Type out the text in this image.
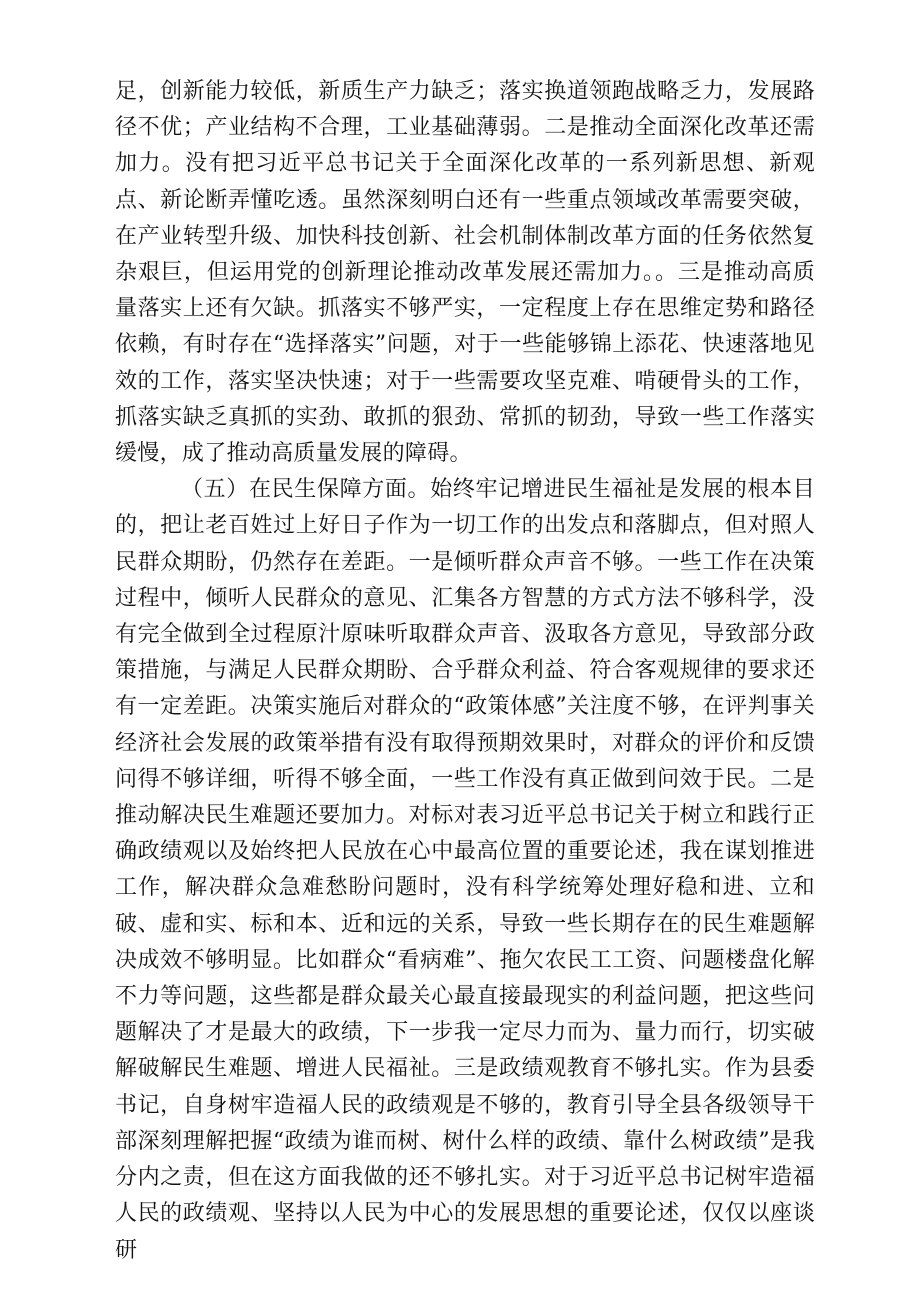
足，创新能力较低，新质生产力缺乏；落实换道领跑战略乏力，发展路径不优；产业结构不合理，工业基础薄弱。二是推动全面深化改革还需加力。没有把习近平总书记关于全面深化改革的一系列新思想、新观点、新论断弄懂吃透。虽然深刻明白还有一些重点领域改革需要突破，在产业转型升级、加快科技创新、社会机制体制改革方面的任务依然复杂艰巨，但运用党的创新理论推动改革发展还需加力。。三是推动高质量落实上还有欠缺。抓落实不够严实，一定程度上存在思维定势和路径依赖，有时存在“选择落实”问题，对于一些能够锦上添花、快速落地见效的工作，落实坚决快速；对于一些需要攻坚克难、啃硬骨头的工作，抓落实缺乏真抓的实劲、敢抓的狠劲、常抓的韧劲，导致一些工作落实缓慢，成了推动高质量发展的障碍。

（五）在民生保障方面。始终牢记增进民生福祉是发展的根本目的，把让老百姓过上好日子作为一切工作的出发点和落脚点，但对照人民群众期盼，仍然存在差距。一是倾听群众声音不够。一些工作在决策过程中，倾听人民群众的意见、汇集各方智慧的方式方法不够科学，没有完全做到全过程原汁原味听取群众声音、汲取各方意见，导致部分政策措施，与满足人民群众期盼、合乎群众利益、符合客观规律的要求还有一定差距。决策实施后对群众的“政策体感”关注度不够，在评判事关经济社会发展的政策举措有没有取得预期效果时，对群众的评价和反馈问得不够详细，听得不够全面，一些工作没有真正做到问效于民。二是推动解决民生难题还要加力。对标对表习近平总书记关于树立和践行正确政绩观以及始终把人民放在心中最高位置的重要论述，我在谋划推进工作，解决群众急难愁盼问题时，没有科学统筹处理好稳和进、立和破、虚和实、标和本、近和远的关系，导致一些长期存在的民生难题解决成效不够明显。比如群众“看病难”、拖欠农民工工资、问题楼盘化解不力等问题，这些都是群众最关心最直接最现实的利益问题，把这些问题解决了才是最大的政绩，下一步我一定尽力而为、量力而行，切实破解破解民生难题、增进人民福祉。三是政绩观教育不够扎实。作为县委书记，自身树牢造福人民的政绩观是不够的，教育引导全县各级领导干部深刻理解把握“政绩为谁而树、树什么样的政绩、靠什么树政绩”是我分内之责，但在这方面我做的还不够扎实。对于习近平总书记树牢造福人民的政绩观、坚持以人民为中心的发展思想的重要论述，仅仅以座谈研
